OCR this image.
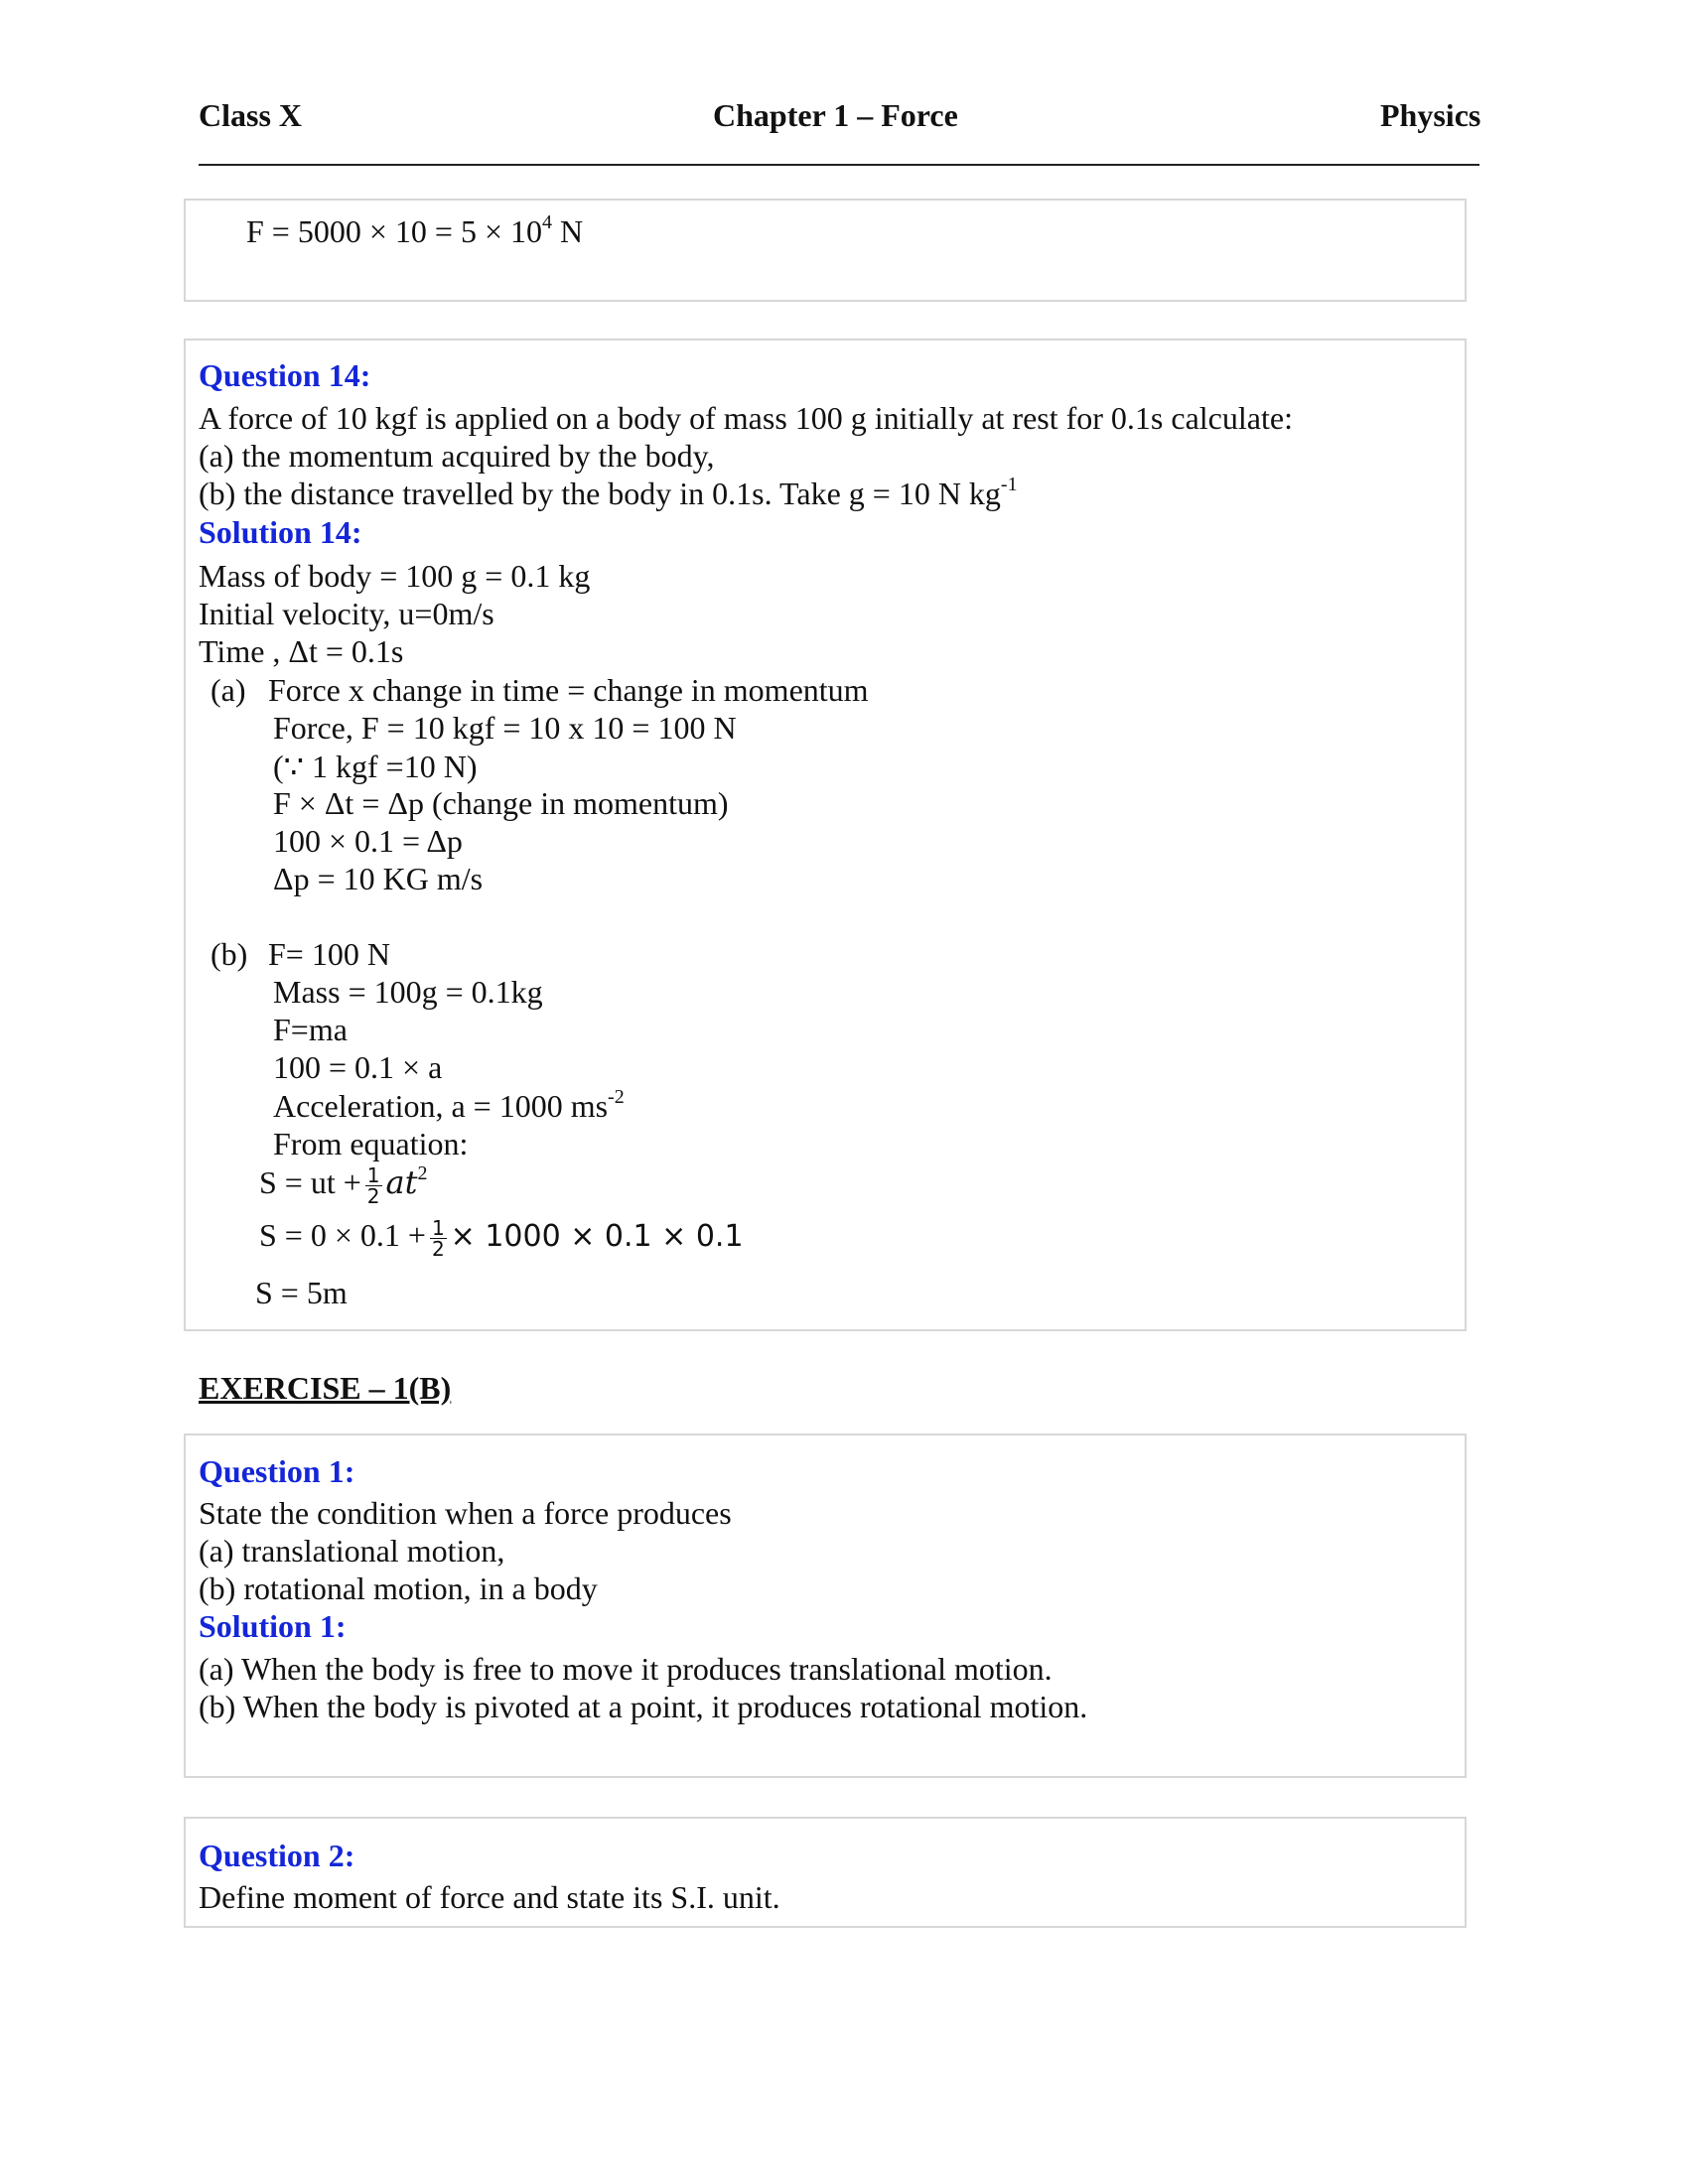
Class X	Chapter 1 – Force	Physics
$F = 5000 \times 10 = 5 \times 10^4$ N
Question 14:
A force of 10 kgf is applied on a body of mass 100 g initially at rest for 0.1s calculate:
(a) the momentum acquired by the body,
(b) the distance travelled by the body in 0.1s. Take g = 10 N $kg^{-1}$
Solution 14:
Mass of body = 100 g = 0.1 kg
Initial velocity, u=0m/s
Time , Δt = 0.1s
(a) Force x change in time = change in momentum
Force, F = 10 kgf = 10 x 10 = 100 N
(∵ 1 kgf =10 N)
F × Δt = Δp (change in momentum)
100 × 0.1 = Δp
Δp = 10 KG m/s
(b) F= 100 N
Mass = 100g = 0.1kg
F=ma
100 = 0.1 × a
Acceleration, a = 1000 $ms^{-2}$
From equation:
S = ut + $\frac{1}{2} at^2$
$S = 0 \times 0.1 + \frac{1}{2} \times 1000 \times 0.1 \times 0.1$
S = 5m
EXERCISE – 1(B)
Question 1:
State the condition when a force produces
(a) translational motion,
(b) rotational motion, in a body
Solution 1:
(a) When the body is free to move it produces translational motion.
(b) When the body is pivoted at a point, it produces rotational motion.
Question 2:
Define moment of force and state its S.I. unit.
